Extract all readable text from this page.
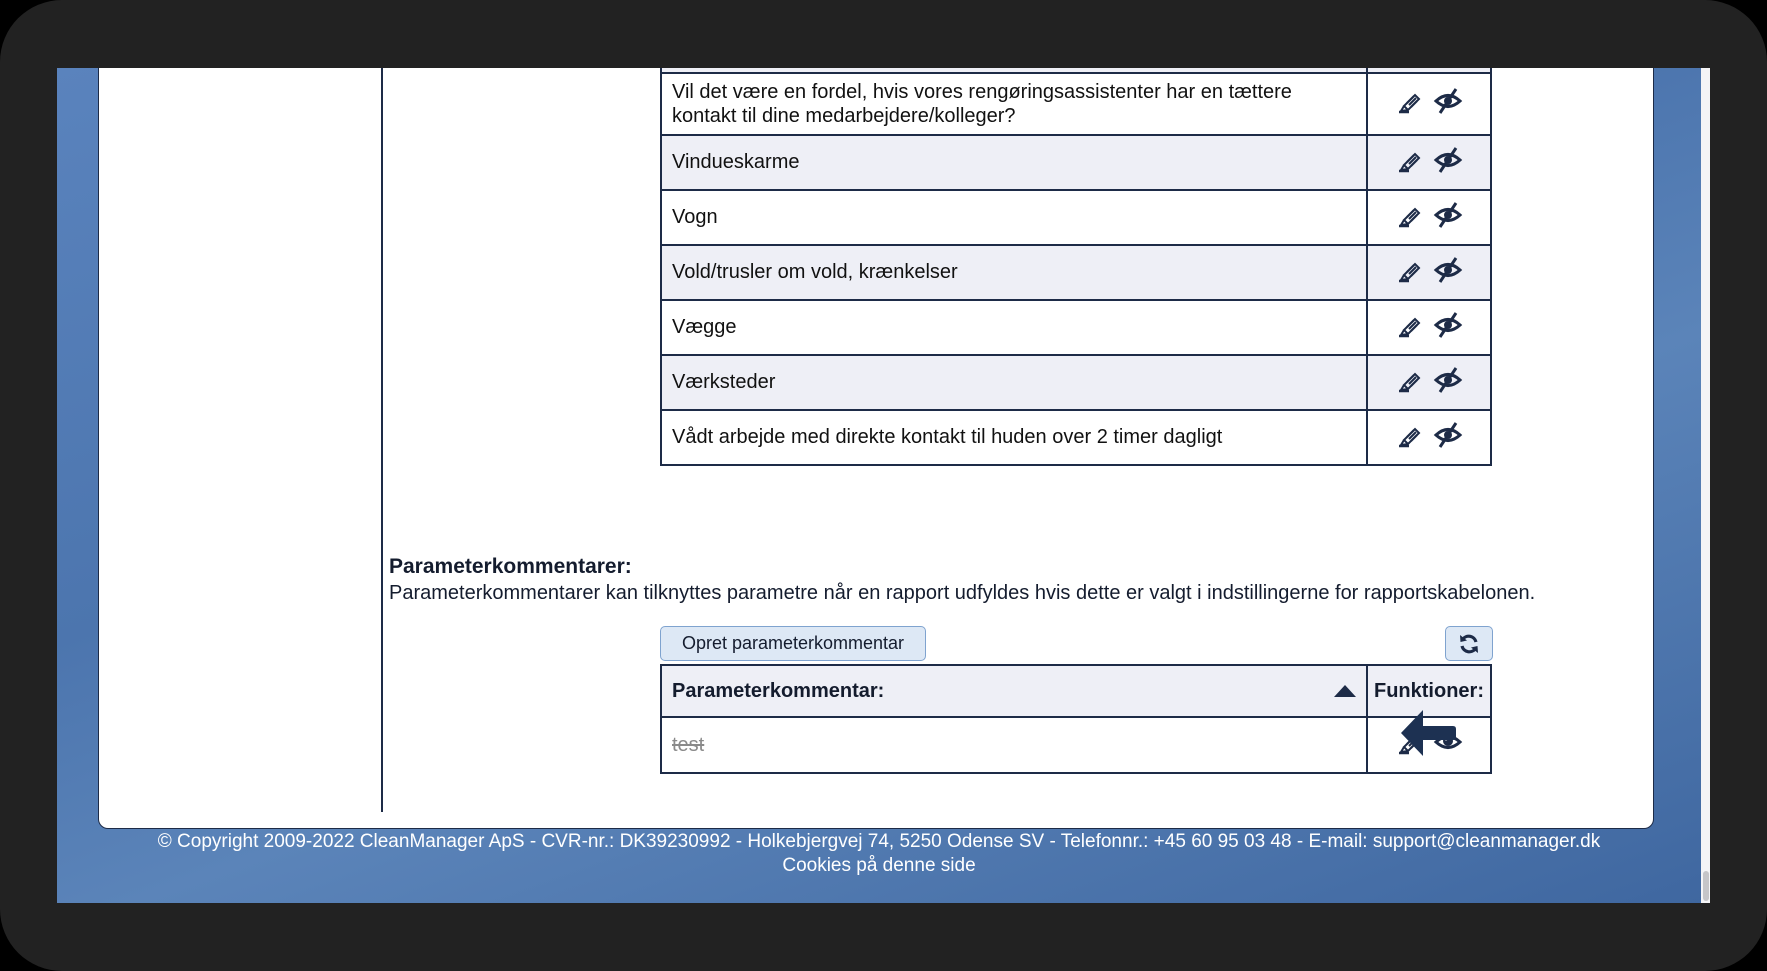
Vil det være en fordel, hvis vores rengøringsassistenter har en tættere kontakt til dine medarbejdere/kolleger?	

Vindueskarme	

Vogn	

Vold/trusler om vold, krænkelser	

Vægge	

Værksteder	

Vådt arbejde med direkte kontakt til huden over 2 timer dagligt	
Parameterkommentarer:
Parameterkommentarer kan tilknyttes parametre når en rapport udfyldes hvis dette er valgt i indstillingerne for rapportskabelonen.
Opret parameterkommentar
Parameterkommentar:	Funktioner:
test	
© Copyright 2009-2022 CleanManager ApS - CVR-nr.: DK39230992 - Holkebjergvej 74, 5250 Odense SV - Telefonnr.: +45 60 95 03 48 - E-mail: support@cleanmanager.dk
Cookies på denne side
